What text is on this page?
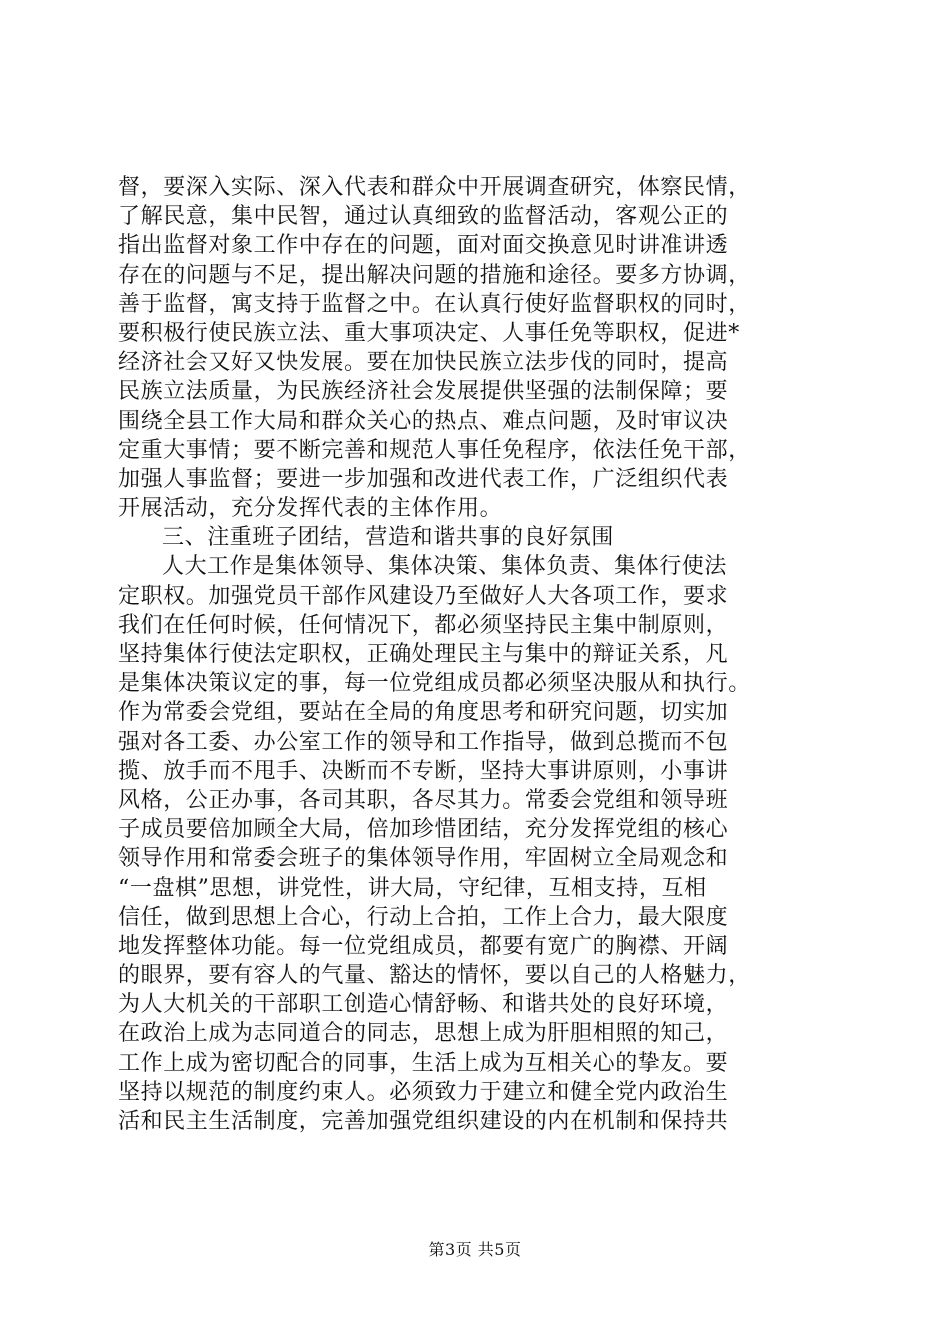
督，要深入实际、深入代表和群众中开展调查研究，体察民情，
了解民意，集中民智，通过认真细致的监督活动，客观公正的
指出监督对象工作中存在的问题，面对面交换意见时讲准讲透
存在的问题与不足，提出解决问题的措施和途径。要多方协调，
善于监督，寓支持于监督之中。在认真行使好监督职权的同时，
要积极行使民族立法、重大事项决定、人事任免等职权，促进*
经济社会又好又快发展。要在加快民族立法步伐的同时，提高
民族立法质量，为民族经济社会发展提供坚强的法制保障；要
围绕全县工作大局和群众关心的热点、难点问题，及时审议决
定重大事情；要不断完善和规范人事任免程序，依法任免干部，
加强人事监督；要进一步加强和改进代表工作，广泛组织代表
开展活动，充分发挥代表的主体作用。
三、注重班子团结，营造和谐共事的良好氛围
人大工作是集体领导、集体决策、集体负责、集体行使法
定职权。加强党员干部作风建设乃至做好人大各项工作，要求
我们在任何时候，任何情况下，都必须坚持民主集中制原则，
坚持集体行使法定职权，正确处理民主与集中的辩证关系，凡
是集体决策议定的事，每一位党组成员都必须坚决服从和执行。
作为常委会党组，要站在全局的角度思考和研究问题，切实加
强对各工委、办公室工作的领导和工作指导，做到总揽而不包
揽、放手而不甩手、决断而不专断，坚持大事讲原则，小事讲
风格，公正办事，各司其职，各尽其力。常委会党组和领导班
子成员要倍加顾全大局，倍加珍惜团结，充分发挥党组的核心
领导作用和常委会班子的集体领导作用，牢固树立全局观念和
“一盘棋”思想，讲党性，讲大局，守纪律，互相支持，互相
信任，做到思想上合心，行动上合拍，工作上合力，最大限度
地发挥整体功能。每一位党组成员，都要有宽广的胸襟、开阔
的眼界，要有容人的气量、豁达的情怀，要以自己的人格魅力，
为人大机关的干部职工创造心情舒畅、和谐共处的良好环境，
在政治上成为志同道合的同志，思想上成为肝胆相照的知己，
工作上成为密切配合的同事，生活上成为互相关心的挚友。要
坚持以规范的制度约束人。必须致力于建立和健全党内政治生
活和民主生活制度，完善加强党组织建设的内在机制和保持共
第3页 共5页
